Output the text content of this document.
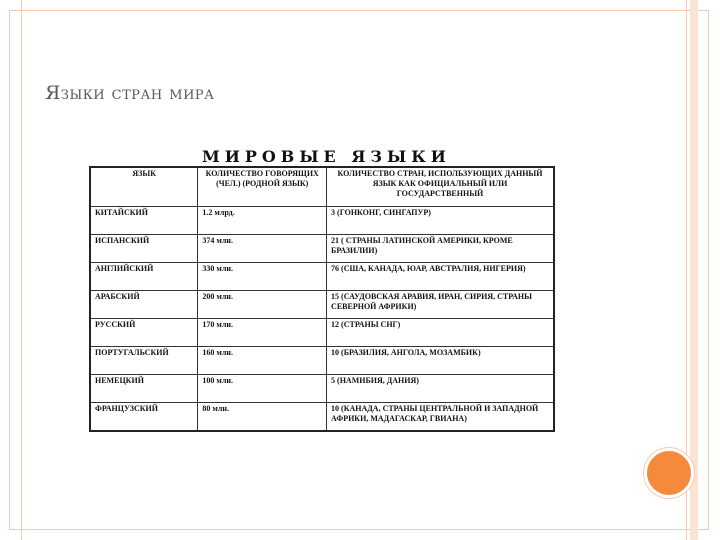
Языки стран мира
МИРОВЫЕ ЯЗЫКИ
ЯЗЫК	КОЛИЧЕСТВО ГОВОРЯЩИХ (ЧЕЛ.) (РОДНОЙ ЯЗЫК)	КОЛИЧЕСТВО СТРАН, ИСПОЛЬЗУЮЩИХ ДАННЫЙ ЯЗЫК КАК ОФИЦИАЛЬНЫЙ ИЛИ ГОСУДАРСТВЕННЫЙ
КИТАЙСКИЙ	1.2 млрд.	3 (ГОНКОНГ, СИНГАПУР)
ИСПАНСКИЙ	374 млн.	21 ( СТРАНЫ ЛАТИНСКОЙ АМЕРИКИ, КРОМЕ БРАЗИЛИИ)
АНГЛИЙСКИЙ	330 млн.	76 (США, КАНАДА, ЮАР, АВСТРАЛИЯ, НИГЕРИЯ)
АРАБСКИЙ	200 млн.	15 (САУДОВСКАЯ АРАВИЯ, ИРАН, СИРИЯ, СТРАНЫ СЕВЕРНОЙ АФРИКИ)
РУССКИЙ	170 млн.	12 (СТРАНЫ СНГ)
ПОРТУГАЛЬСКИЙ	160 млн.	10 (БРАЗИЛИЯ, АНГОЛА, МОЗАМБИК)
НЕМЕЦКИЙ	100 млн.	5 (НАМИБИЯ, ДАНИЯ)
ФРАНЦУЗСКИЙ	80 млн.	10 (КАНАДА, СТРАНЫ ЦЕНТРАЛЬНОЙ И ЗАПАДНОЙ АФРИКИ, МАДАГАСКАР, ГВИАНА)
